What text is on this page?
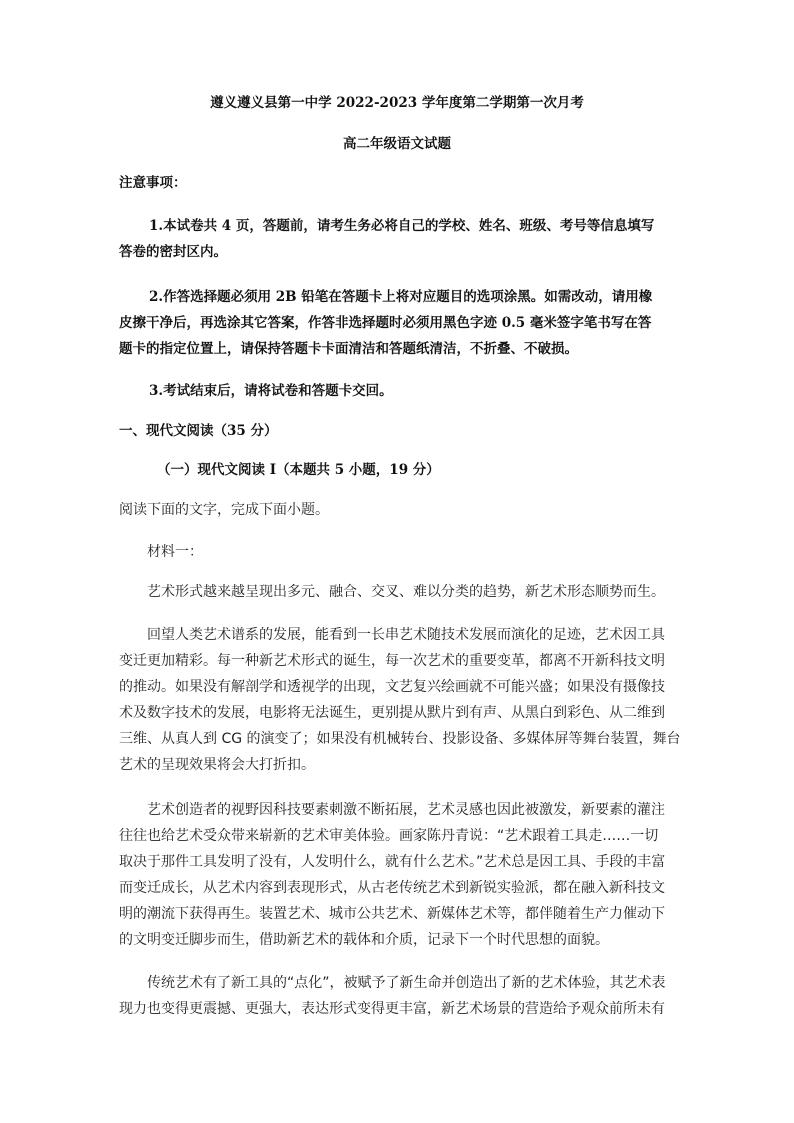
遵义遵义县第一中学 2022-2023 学年度第二学期第一次月考
高二年级语文试题
注意事项：
1.本试卷共 4 页，答题前，请考生务必将自己的学校、姓名、班级、考号等信息填写
答卷的密封区内。
2.作答选择题必须用 2B 铅笔在答题卡上将对应题目的选项涂黑。如需改动，请用橡
皮擦干净后，再选涂其它答案，作答非选择题时必须用黑色字迹 0.5 毫米签字笔书写在答
题卡的指定位置上，请保持答题卡卡面清洁和答题纸清洁，不折叠、不破损。
3.考试结束后，请将试卷和答题卡交回。
一、现代文阅读（35 分）
（一）现代文阅读 I（本题共 5 小题，19 分）
阅读下面的文字，完成下面小题。
材料一：
艺术形式越来越呈现出多元、融合、交叉、难以分类的趋势，新艺术形态顺势而生。
回望人类艺术谱系的发展，能看到一长串艺术随技术发展而演化的足迹，艺术因工具
变迁更加精彩。每一种新艺术形式的诞生，每一次艺术的重要变革，都离不开新科技文明
的推动。如果没有解剖学和透视学的出现，文艺复兴绘画就不可能兴盛；如果没有摄像技
术及数字技术的发展，电影将无法诞生，更别提从默片到有声、从黑白到彩色、从二维到
三维、从真人到 CG 的演变了；如果没有机械转台、投影设备、多媒体屏等舞台装置，舞台
艺术的呈现效果将会大打折扣。
艺术创造者的视野因科技要素刺激不断拓展，艺术灵感也因此被激发，新要素的灌注
往往也给艺术受众带来崭新的艺术审美体验。画家陈丹青说：“艺术跟着工具走……一切
取决于那件工具发明了没有，人发明什么，就有什么艺术。”艺术总是因工具、手段的丰富
而变迁成长，从艺术内容到表现形式，从古老传统艺术到新锐实验派，都在融入新科技文
明的潮流下获得再生。装置艺术、城市公共艺术、新媒体艺术等，都伴随着生产力催动下
的文明变迁脚步而生，借助新艺术的载体和介质，记录下一个时代思想的面貌。
传统艺术有了新工具的“点化”，被赋予了新生命并创造出了新的艺术体验，其艺术表
现力也变得更震撼、更强大，表达形式变得更丰富，新艺术场景的营造给予观众前所未有
